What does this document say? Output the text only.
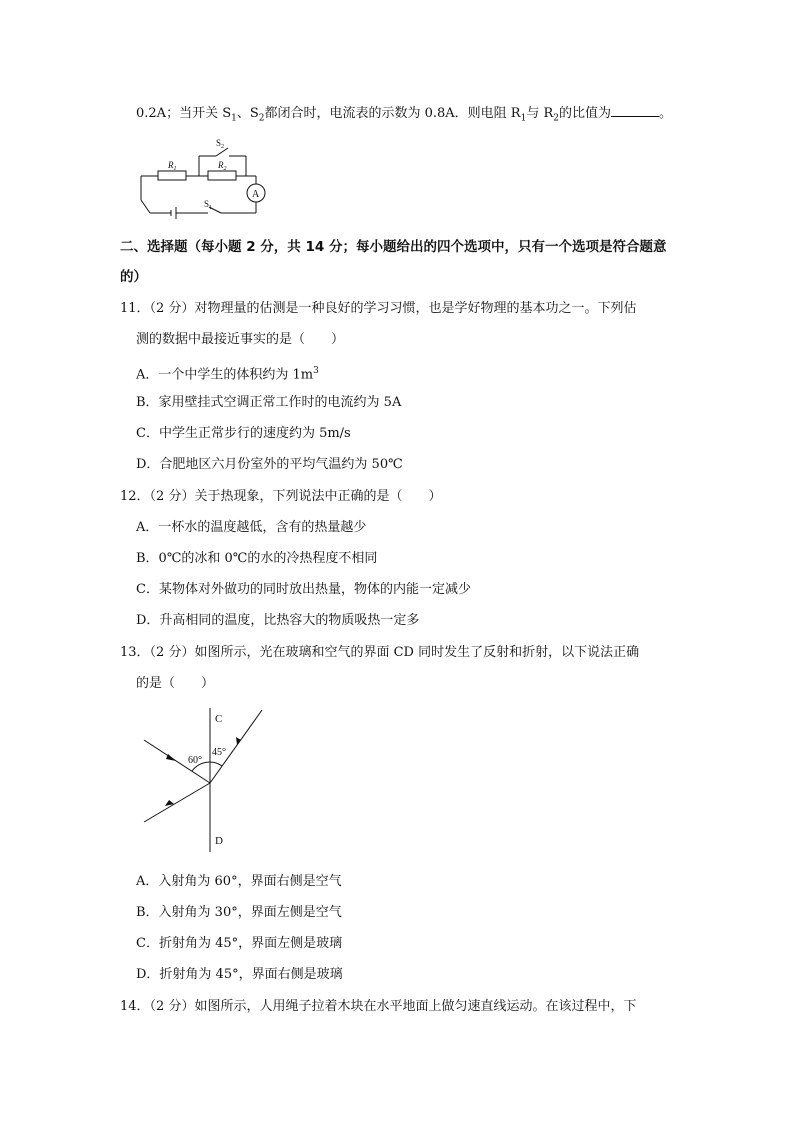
0.2A；当开关 $S_1$、$S_2$都闭合时，电流表的示数为 0.8A．则电阻 $R_1$与 $R_2$的比值为	。
$R_1$	$R_2$
$S_2$
$S_1$
A
二、选择题（每小题 2 分，共 14 分；每小题给出的四个选项中，只有一个选项是符合题意
的）
11．（2 分）对物理量的估测是一种良好的学习习惯，也是学好物理的基本功之一。下列估
测的数据中最接近事实的是（　　）
A．一个中学生的体积约为 $1m^3$
B．家用壁挂式空调正常工作时的电流约为 5A
C．中学生正常步行的速度约为 5m/s
D．合肥地区六月份室外的平均气温约为 50℃
12．（2 分）关于热现象，下列说法中正确的是（　　）
A．一杯水的温度越低，含有的热量越少
B．0℃的冰和 0℃的水的冷热程度不相同
C．某物体对外做功的同时放出热量，物体的内能一定减少
D．升高相同的温度，比热容大的物质吸热一定多
13．（2 分）如图所示，光在玻璃和空气的界面 CD 同时发生了反射和折射，以下说法正确
的是（　　）
C
D
60°
45°
A．入射角为 60°，界面右侧是空气
B．入射角为 30°，界面左侧是空气
C．折射角为 45°，界面左侧是玻璃
D．折射角为 45°，界面右侧是玻璃
14．（2 分）如图所示，人用绳子拉着木块在水平地面上做匀速直线运动。在该过程中，下
